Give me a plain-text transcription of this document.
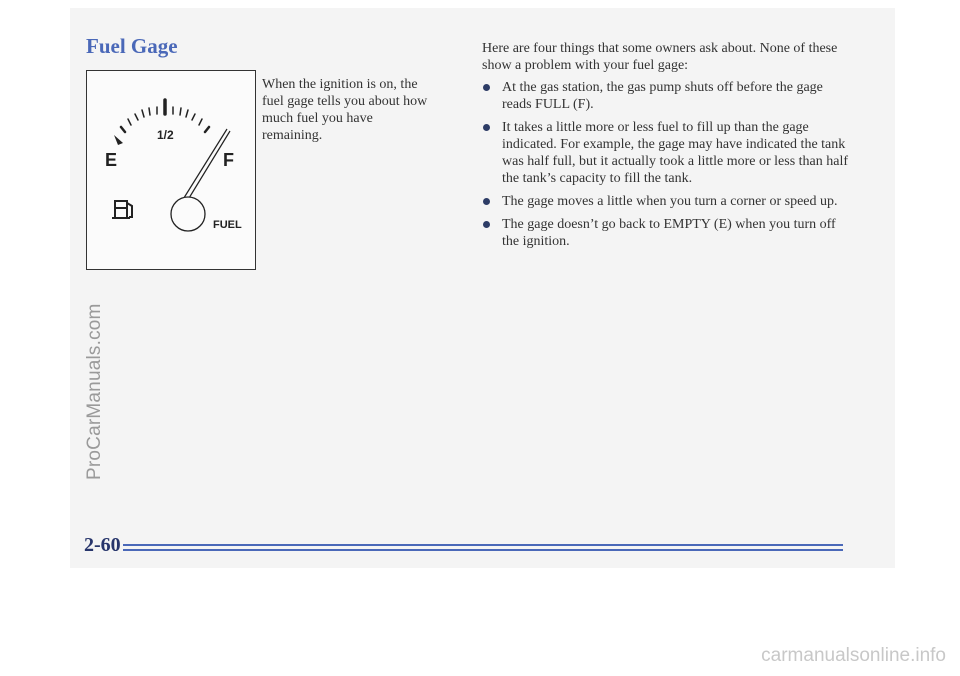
Fuel Gage
1/2
E	F
FUEL

When the ignition is on, the fuel gage tells you about how much fuel you have remaining.

Here are four things that some owners ask about. None of these show a problem with your fuel gage:

At the gas station, the gas pump shuts off before the gage reads FULL (F).
It takes a little more or less fuel to fill up than the gage indicated. For example, the gage may have indicated the tank was half full, but it actually took a little more or less than half the tank’s capacity to fill the tank.
The gage moves a little when you turn a corner or speed up.
The gage doesn’t go back to EMPTY (E) when you turn off the ignition.
2-60
ProCarManuals.com
carmanualsonline.info
